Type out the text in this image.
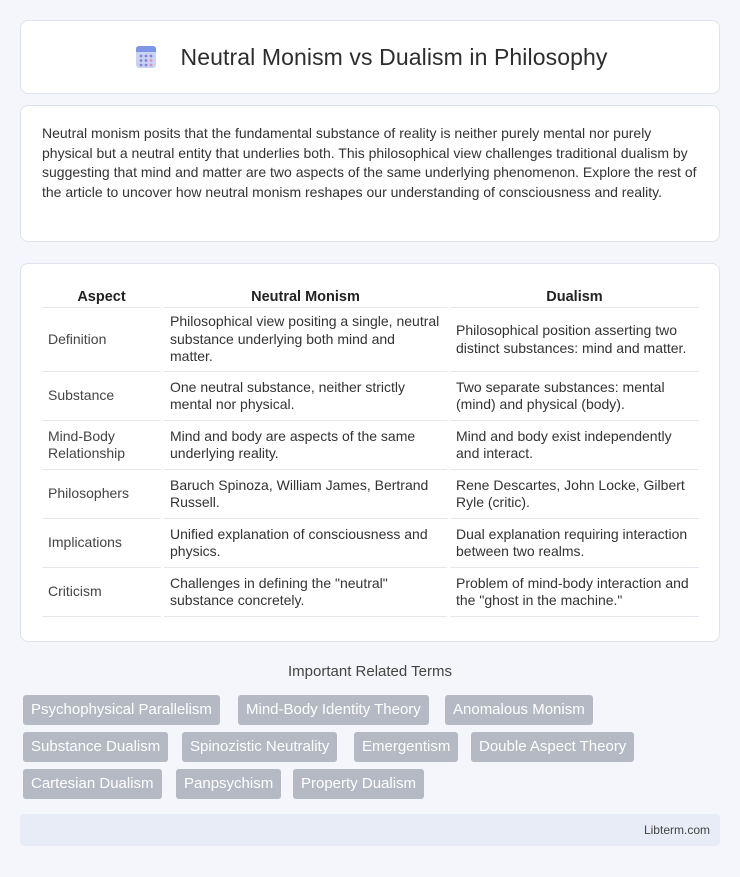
Neutral Monism vs Dualism in Philosophy

Neutral monism posits that the fundamental substance of reality is neither purely mental nor purely physical but a neutral entity that underlies both. This philosophical view challenges traditional dualism by suggesting that mind and matter are two aspects of the same underlying phenomenon. Explore the rest of the article to uncover how neutral monism reshapes our understanding of consciousness and reality.

Aspect	Neutral Monism	Dualism
Definition	Philosophical view positing a single, neutral substance underlying both mind and matter.	Philosophical position asserting two distinct substances: mind and matter.
Substance	One neutral substance, neither strictly mental nor physical.	Two separate substances: mental (mind) and physical (body).
Mind-Body Relationship	Mind and body are aspects of the same underlying reality.	Mind and body exist independently and interact.
Philosophers	Baruch Spinoza, William James, Bertrand Russell.	Rene Descartes, John Locke, Gilbert Ryle (critic).
Implications	Unified explanation of consciousness and physics.	Dual explanation requiring interaction between two realms.
Criticism	Challenges in defining the "neutral" substance concretely.	Problem of mind-body interaction and the "ghost in the machine."
Important Related Terms
Psychophysical Parallelism	Mind-Body Identity Theory	Anomalous Monism
Substance Dualism	Spinozistic Neutrality	Emergentism	Double Aspect Theory
Cartesian Dualism	Panpsychism	Property Dualism
Libterm.com
